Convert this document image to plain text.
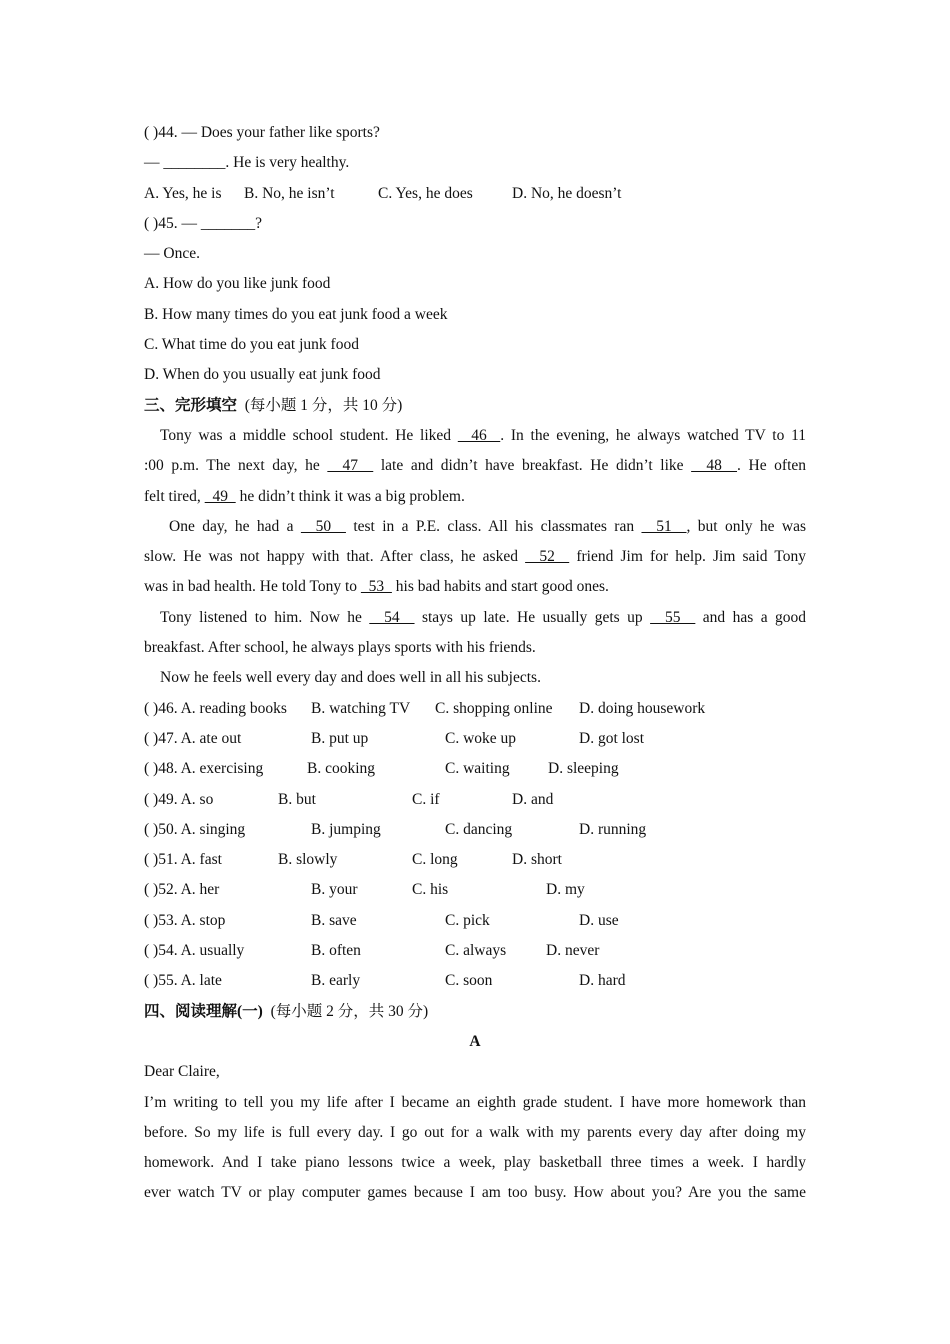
( )44. — Does your father like sports?
— ________. He is very healthy.
A. Yes, he is B. No, he isn’t	C. Yes, he does	D. No, he doesn’t
( )45. — _______?
— Once.
A. How do you like junk food
B. How many times do you eat junk food a week
C. What time do you eat junk food
D. When do you usually eat junk food
三、完形填空 (每小题 1 分，共 10 分)
Tony was a middle school student. He liked   46  . In the evening, he always watched TV to 11
:00 p.m. The next day, he   47   late and didn’t have breakfast. He didn’t like   48  . He often
felt tired,   49   he didn’t think it was a big problem.
One day, he had a   50   test in a P.E. class. All his classmates ran   51  , but only he was
slow. He was not happy with that. After class, he asked   52   friend Jim for help. Jim said Tony
was in bad health. He told Tony to   53   his bad habits and start good ones.
Tony listened to him. Now he   54   stays up late. He usually gets up   55   and has a good
breakfast. After school, he always plays sports with his friends.
Now he feels well every day and does well in all his subjects.
( )46. A. reading books B. watching TV C. shopping online D. doing housework
( )47. A. ate out	B. put up	C. woke up	D. got lost
( )48. A. exercising	B. cooking	C. waiting D. sleeping
( )49. A. so	B. but	C. if	D. and
( )50. A. singing	B. jumping	C. dancing	D. running
( )51. A. fast	B. slowly	C. long	D. short
( )52. A. her	B. your	C. his	D. my
( )53. A. stop	B. save	C. pick	D. use
( )54. A. usually	B. often	C. always	D. never
( )55. A. late	B. early	C. soon	D. hard
四、阅读理解(一) (每小题 2 分，共 30 分)
A
Dear Claire,
I’m writing to tell you my life after I became an eighth grade student. I have more homework than
before. So my life is full every day. I go out for a walk with my parents every day after doing my
homework. And I take piano lessons twice a week, play basketball three times a week. I hardly
ever watch TV or play computer games because I am too busy. How about you? Are you the same
